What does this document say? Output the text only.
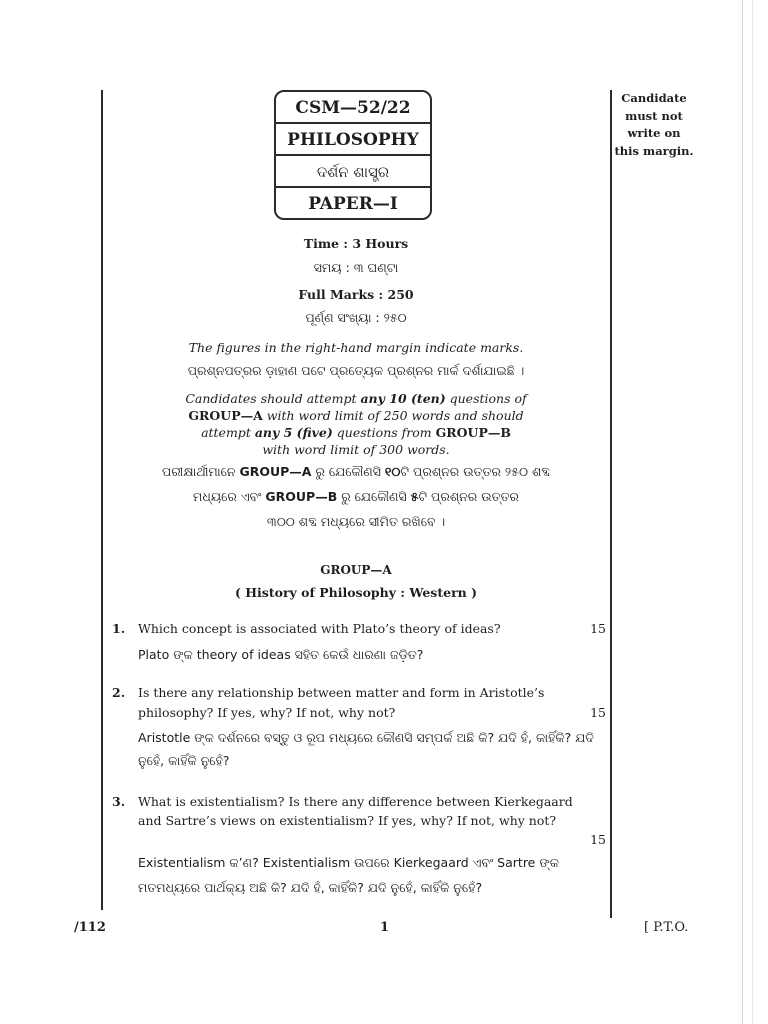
Candidate
must not
write on
this margin.
CSM—52/22
PHILOSOPHY
ଦର୍ଶନ ଶାସ୍ତ୍ର
PAPER—I
Time : 3 Hours
ସମୟ : ୩ ଘଣ୍ଟା
Full Marks : 250
ପୂର୍ଣ୍ଣ ସଂଖ୍ୟା : ୨୫୦
The figures in the right-hand margin indicate marks.
ପ୍ରଶ୍ନପତ୍ରର ଡ଼ାହାଣ ପଟେ ପ୍ରତ୍ୟେକ ପ୍ରଶ୍ନର ମାର୍କ ଦର୍ଶାଯାଇଛି ।
Candidates should attempt any 10 (ten) questions of
GROUP—A with word limit of 250 words and should
attempt any 5 (five) questions from GROUP—B
with word limit of 300 words.
ପରୀକ୍ଷାର୍ଥୀମାନେ GROUP—A ରୁ ଯେକୌଣସି ୧୦ଟି ପ୍ରଶ୍ନର ଉତ୍ତର ୨୫୦ ଶବ୍ଦ
ମଧ୍ୟରେ ଏବଂ GROUP—B ରୁ ଯେକୌଣସି ୫ଟି ପ୍ରଶ୍ନର ଉତ୍ତର
୩୦୦ ଶବ୍ଦ ମଧ୍ୟରେ ସୀମିତ ରଖିବେ ।
GROUP—A
( History of Philosophy : Western )
1. Which concept is associated with Plato’s theory of ideas?	15
Plato ଙ୍କ theory of ideas ସହିତ କେଉଁ ଧାରଣା ଜଡ଼ିତ?
2. Is there any relationship between matter and form in Aristotle’s
philosophy? If yes, why? If not, why not?	15
Aristotle ଙ୍କ ଦର୍ଶନରେ ବସ୍ତୁ ଓ ରୂପ ମଧ୍ୟରେ କୌଣସି ସମ୍ପର୍କ ଅଛି କି? ଯଦି ହଁ, କାହିଁକି? ଯଦି
ନୁହେଁ, କାହିଁକି ନୁହେଁ?
3. What is existentialism? Is there any difference between Kierkegaard
and Sartre’s views on existentialism? If yes, why? If not, why not?
15
Existentialism କ’ଣ? Existentialism ଉପରେ Kierkegaard ଏବଂ Sartre ଙ୍କ
ମତମଧ୍ୟରେ ପାର୍ଥକ୍ୟ ଅଛି କି? ଯଦି ହଁ, କାହିଁକି? ଯଦି ନୁହେଁ, କାହିଁକି ନୁହେଁ?
/112	1	[ P.T.O.
